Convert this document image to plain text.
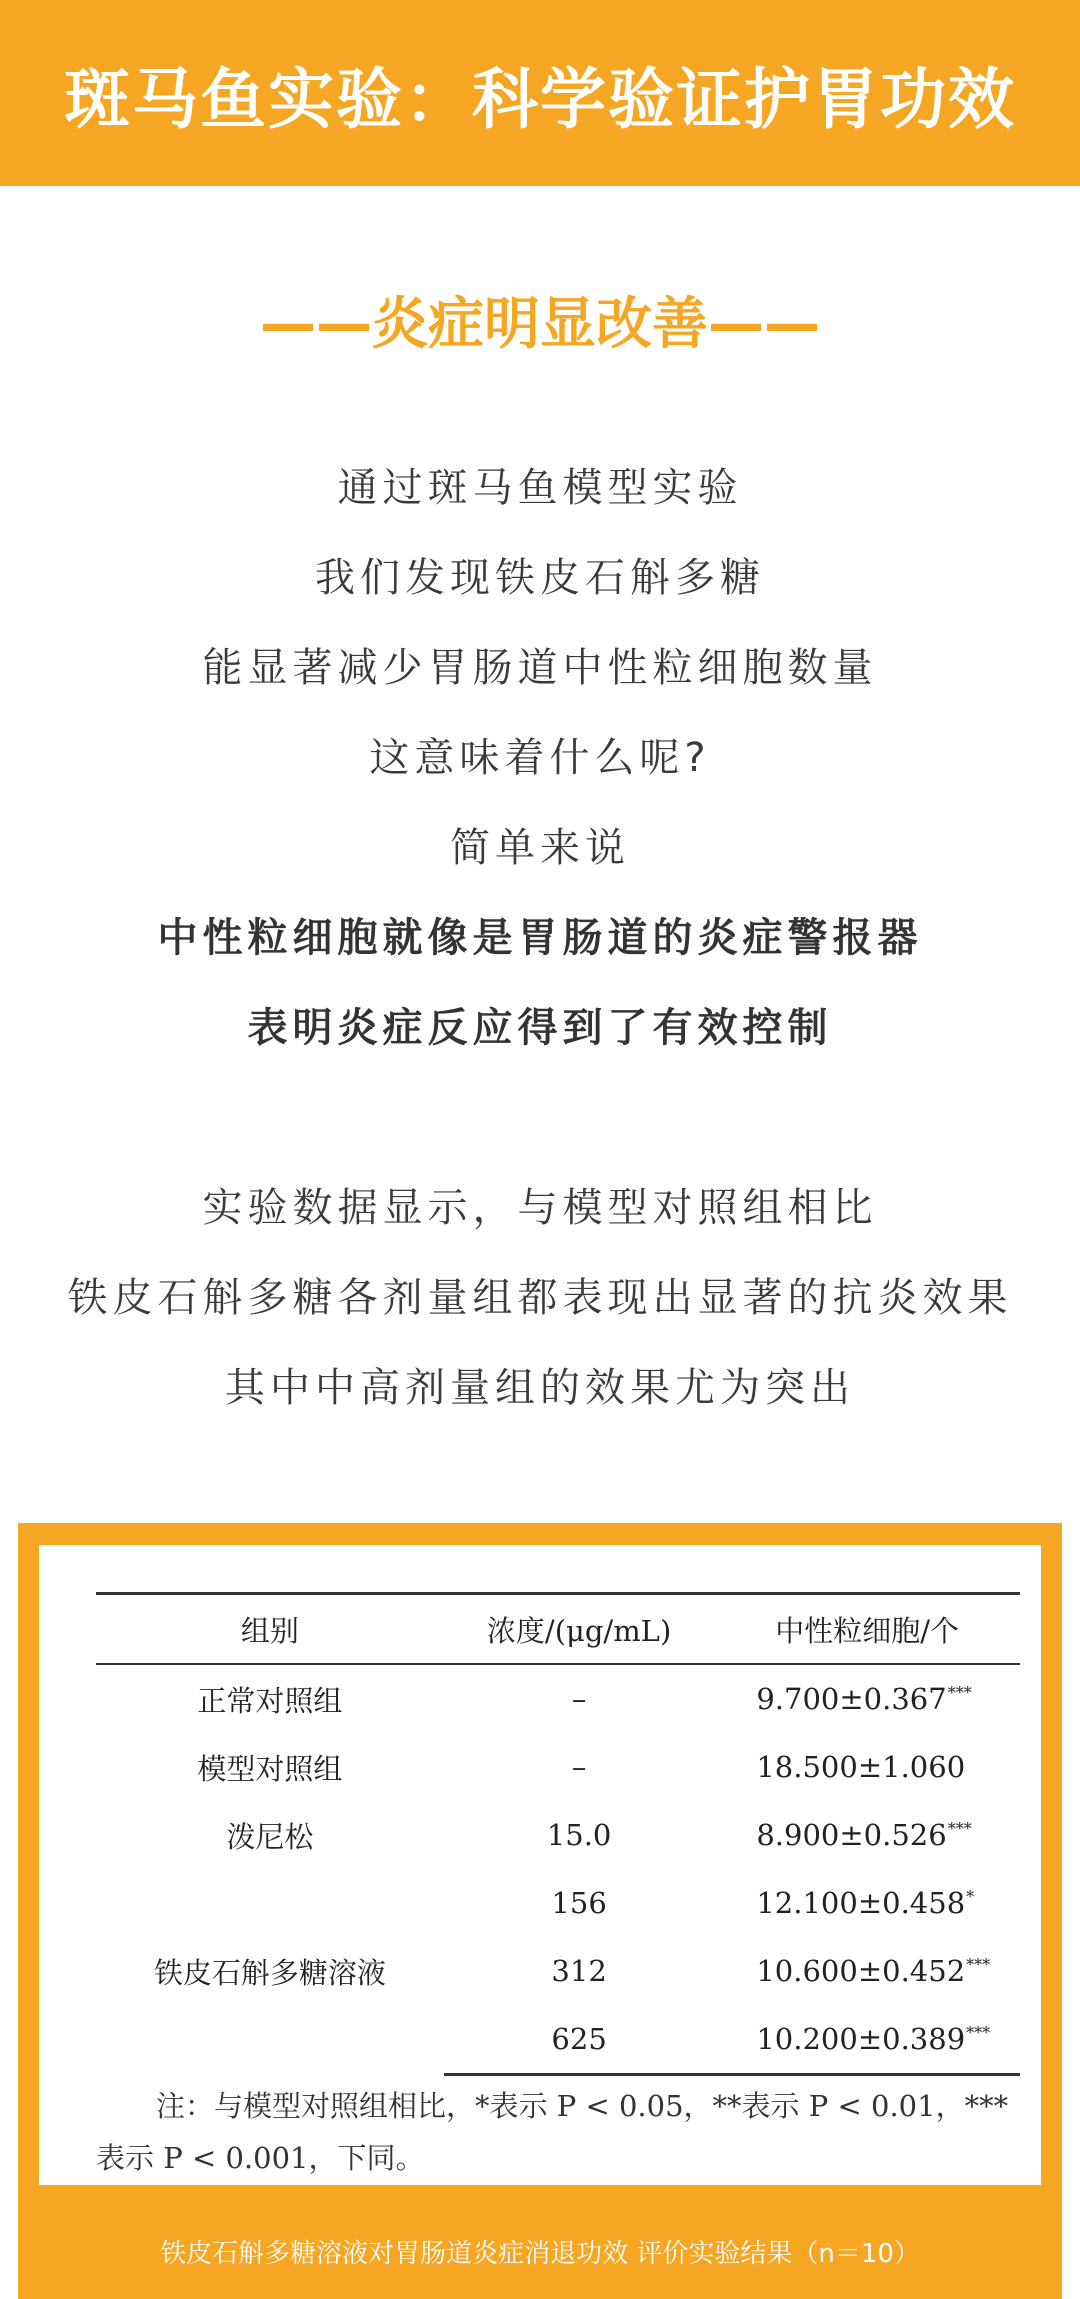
斑马鱼实验：科学验证护胃功效
——炎症明显改善——
通过斑马鱼模型实验
我们发现铁皮石斛多糖
能显著减少胃肠道中性粒细胞数量
这意味着什么呢?
简单来说
中性粒细胞就像是胃肠道的炎症警报器
表明炎症反应得到了有效控制
实验数据显示，与模型对照组相比
铁皮石斛多糖各剂量组都表现出显著的抗炎效果
其中中高剂量组的效果尤为突出
组别	浓度/(μg/mL)	中性粒细胞/个
正常对照组	–	9.700±0.367***
模型对照组	–	18.500±1.060
泼尼松	15.0	8.900±0.526***
铁皮石斛多糖溶液	156	12.100±0.458*
	312	10.600±0.452***
	625	10.200±0.389***
注：与模型对照组相比，*表示 P < 0.05，**表示 P < 0.01，***表示 P < 0.001，下同。
铁皮石斛多糖溶液对胃肠道炎症消退功效 评价实验结果（n＝10）
